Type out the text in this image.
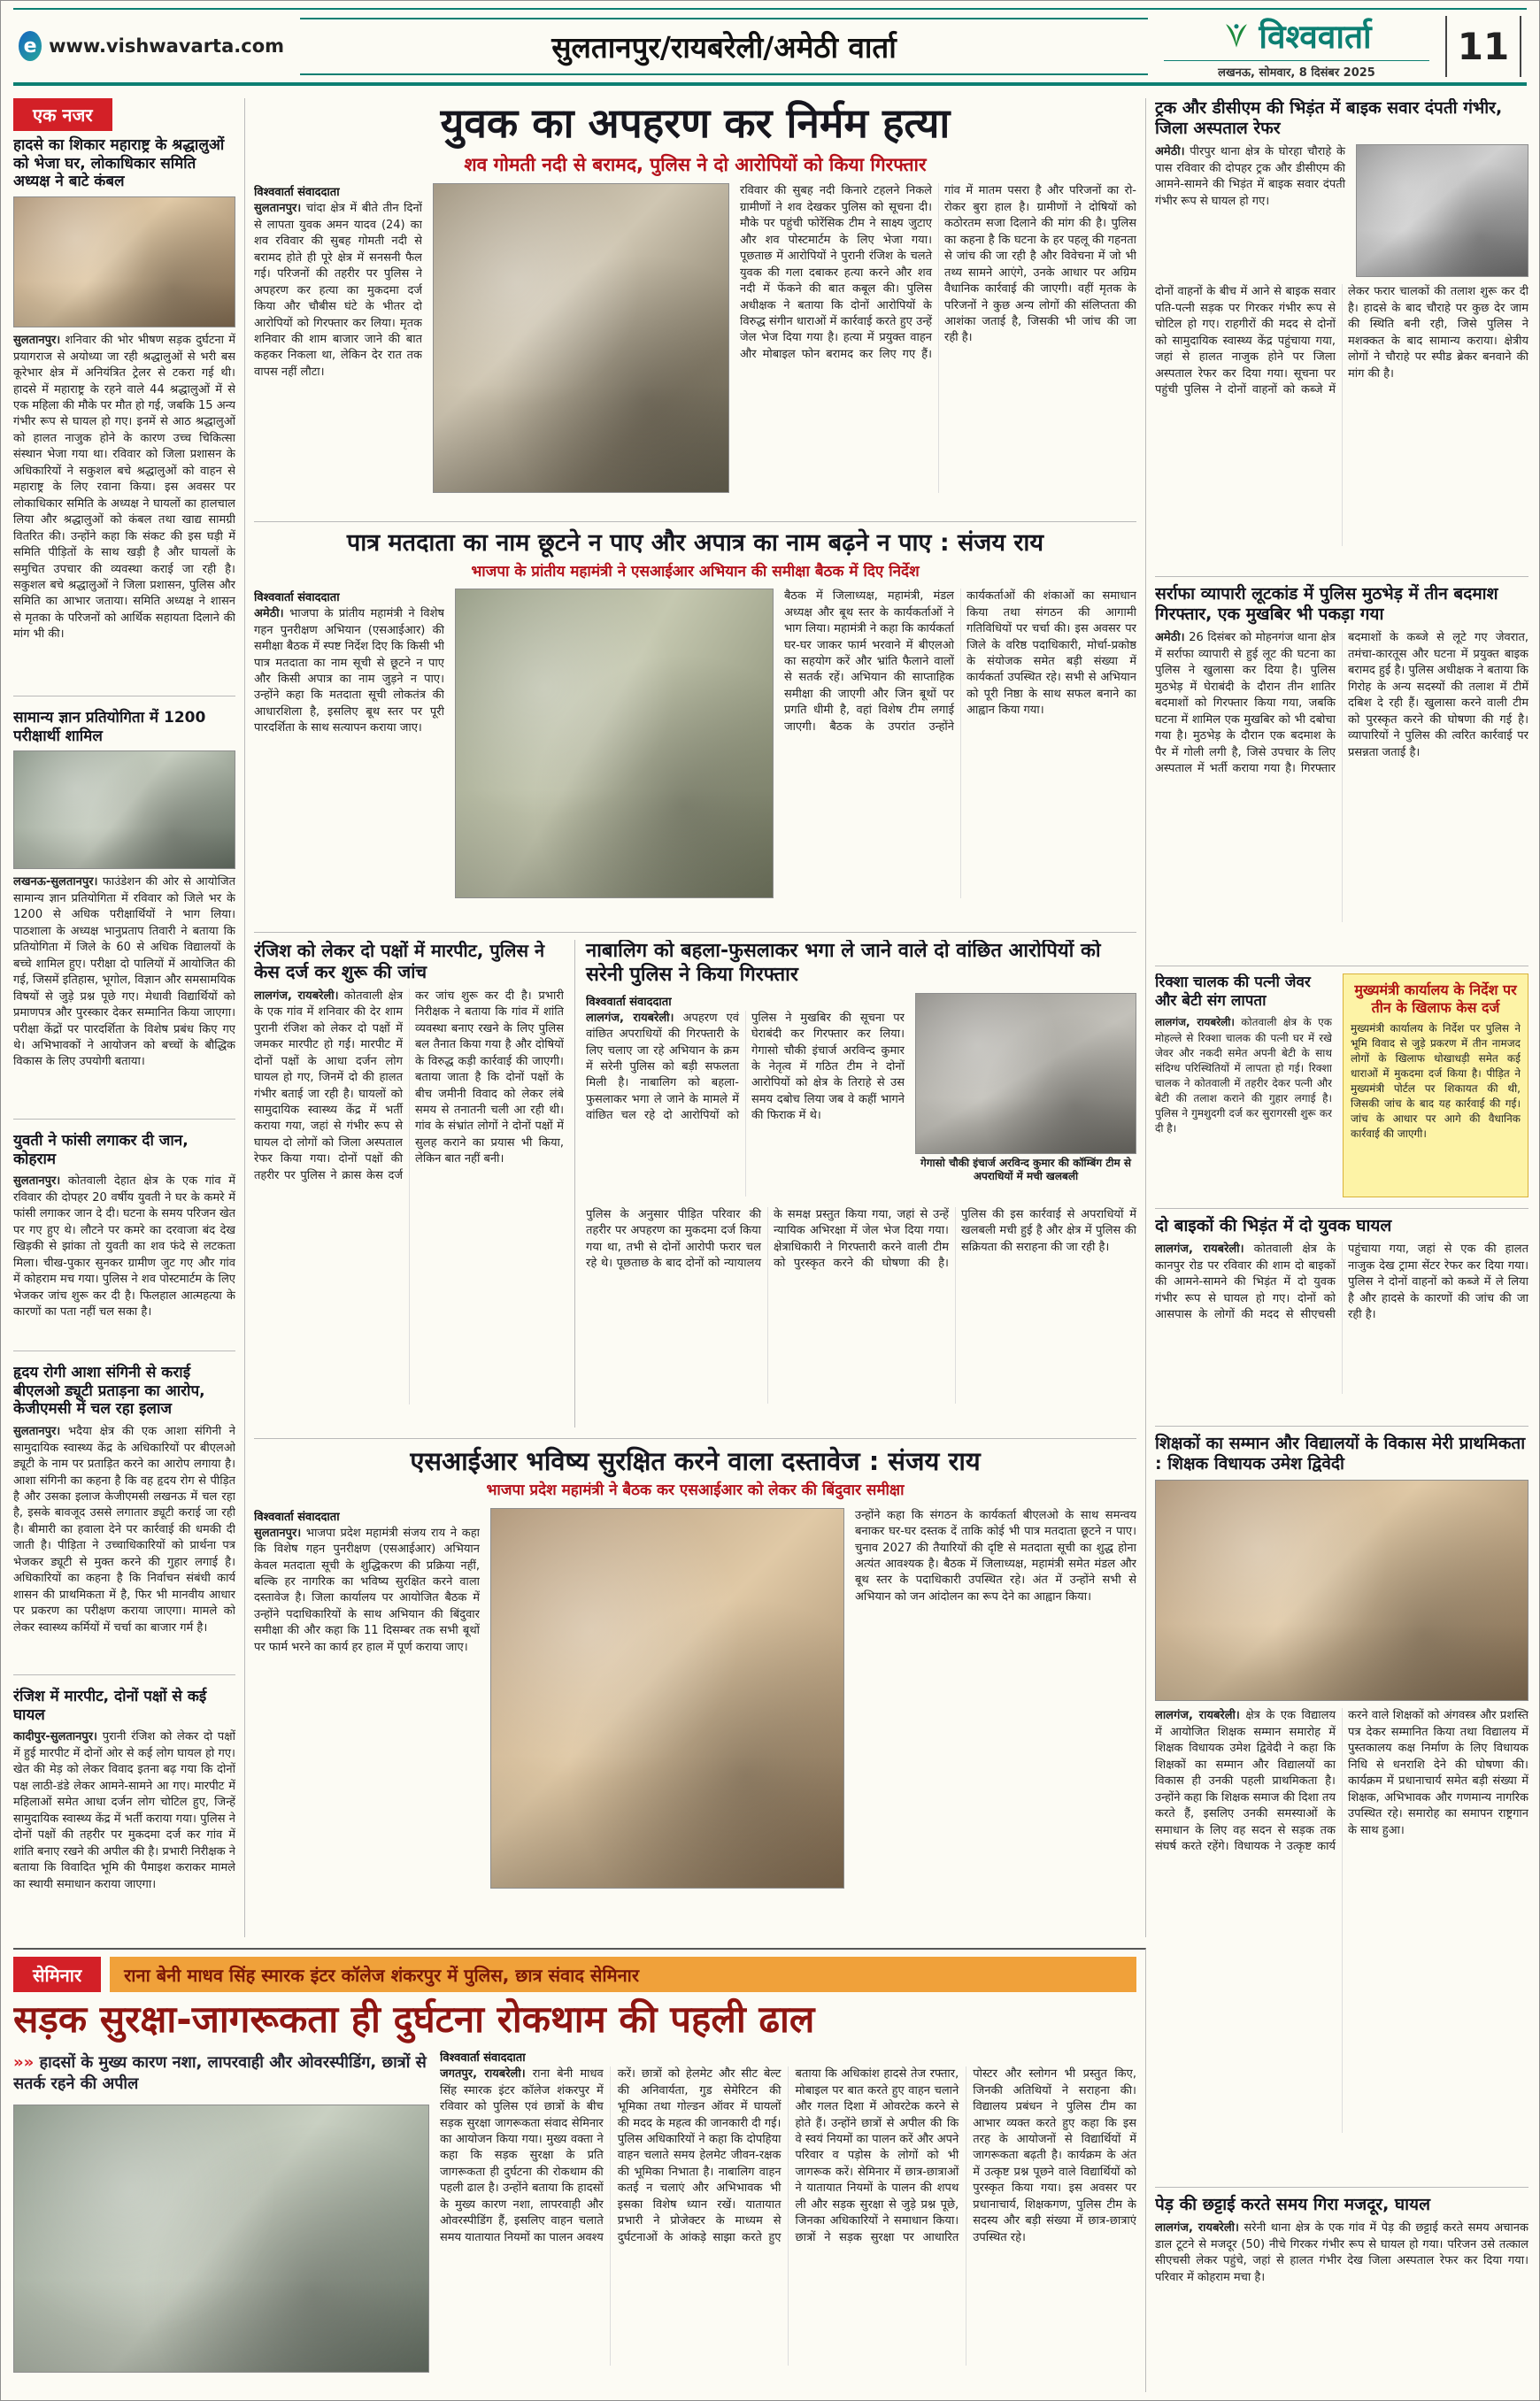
e www.vishwavarta.com	सुलतानपुर/रायबरेली/अमेठी वार्ता	विश्ववार्ता
लखनऊ, सोमवार, 8 दिसंबर 2025
11
एक नजर
हादसे का शिकार महाराष्ट्र के श्रद्धालुओं को भेजा घर, लोकाधिकार समिति अध्यक्ष ने बाटे कंबल

सुलतानपुर। शनिवार की भोर भीषण सड़क दुर्घटना में प्रयागराज से अयोध्या जा रही श्रद्धालुओं से भरी बस कूरेभार क्षेत्र में अनियंत्रित ट्रेलर से टकरा गई थी। हादसे में महाराष्ट्र के रहने वाले 44 श्रद्धालुओं में से एक महिला की मौके पर मौत हो गई, जबकि 15 अन्य गंभीर रूप से घायल हो गए। इनमें से आठ श्रद्धालुओं को हालत नाजुक होने के कारण उच्च चिकित्सा संस्थान भेजा गया था। रविवार को जिला प्रशासन के अधिकारियों ने सकुशल बचे श्रद्धालुओं को वाहन से महाराष्ट्र के लिए रवाना किया। इस अवसर पर लोकाधिकार समिति के अध्यक्ष ने घायलों का हालचाल लिया और श्रद्धालुओं को कंबल तथा खाद्य सामग्री वितरित की। उन्होंने कहा कि संकट की इस घड़ी में समिति पीड़ितों के साथ खड़ी है और घायलों के समुचित उपचार की व्यवस्था कराई जा रही है। सकुशल बचे श्रद्धालुओं ने जिला प्रशासन, पुलिस और समिति का आभार जताया। समिति अध्यक्ष ने शासन से मृतका के परिजनों को आर्थिक सहायता दिलाने की मांग भी की।

सामान्य ज्ञान प्रतियोगिता में 1200 परीक्षार्थी शामिल

लखनऊ-सुलतानपुर। फाउंडेशन की ओर से आयोजित सामान्य ज्ञान प्रतियोगिता में रविवार को जिले भर के 1200 से अधिक परीक्षार्थियों ने भाग लिया। पाठशाला के अध्यक्ष भानुप्रताप तिवारी ने बताया कि प्रतियोगिता में जिले के 60 से अधिक विद्यालयों के बच्चे शामिल हुए। परीक्षा दो पालियों में आयोजित की गई, जिसमें इतिहास, भूगोल, विज्ञान और समसामयिक विषयों से जुड़े प्रश्न पूछे गए। मेधावी विद्यार्थियों को प्रमाणपत्र और पुरस्कार देकर सम्मानित किया जाएगा। परीक्षा केंद्रों पर पारदर्शिता के विशेष प्रबंध किए गए थे। अभिभावकों ने आयोजन को बच्चों के बौद्धिक विकास के लिए उपयोगी बताया।

युवती ने फांसी लगाकर दी जान, कोहराम

सुलतानपुर। कोतवाली देहात क्षेत्र के एक गांव में रविवार की दोपहर 20 वर्षीय युवती ने घर के कमरे में फांसी लगाकर जान दे दी। घटना के समय परिजन खेत पर गए हुए थे। लौटने पर कमरे का दरवाजा बंद देख खिड़की से झांका तो युवती का शव फंदे से लटकता मिला। चीख-पुकार सुनकर ग्रामीण जुट गए और गांव में कोहराम मच गया। पुलिस ने शव पोस्टमार्टम के लिए भेजकर जांच शुरू कर दी है। फिलहाल आत्महत्या के कारणों का पता नहीं चल सका है।

हृदय रोगी आशा संगिनी से कराई बीएलओ ड्यूटी प्रताड़ना का आरोप, केजीएमसी में चल रहा इलाज

सुलतानपुर। भदैया क्षेत्र की एक आशा संगिनी ने सामुदायिक स्वास्थ्य केंद्र के अधिकारियों पर बीएलओ ड्यूटी के नाम पर प्रताड़ित करने का आरोप लगाया है। आशा संगिनी का कहना है कि वह हृदय रोग से पीड़ित है और उसका इलाज केजीएमसी लखनऊ में चल रहा है, इसके बावजूद उससे लगातार ड्यूटी कराई जा रही है। बीमारी का हवाला देने पर कार्रवाई की धमकी दी जाती है। पीड़िता ने उच्चाधिकारियों को प्रार्थना पत्र भेजकर ड्यूटी से मुक्त करने की गुहार लगाई है। अधिकारियों का कहना है कि निर्वाचन संबंधी कार्य शासन की प्राथमिकता में है, फिर भी मानवीय आधार पर प्रकरण का परीक्षण कराया जाएगा। मामले को लेकर स्वास्थ्य कर्मियों में चर्चा का बाजार गर्म है।

रंजिश में मारपीट, दोनों पक्षों से कई घायल

कादीपुर-सुलतानपुर। पुरानी रंजिश को लेकर दो पक्षों में हुई मारपीट में दोनों ओर से कई लोग घायल हो गए। खेत की मेड़ को लेकर विवाद इतना बढ़ गया कि दोनों पक्ष लाठी-डंडे लेकर आमने-सामने आ गए। मारपीट में महिलाओं समेत आधा दर्जन लोग चोटिल हुए, जिन्हें सामुदायिक स्वास्थ्य केंद्र में भर्ती कराया गया। पुलिस ने दोनों पक्षों की तहरीर पर मुकदमा दर्ज कर गांव में शांति बनाए रखने की अपील की है। प्रभारी निरीक्षक ने बताया कि विवादित भूमि की पैमाइश कराकर मामले का स्थायी समाधान कराया जाएगा।

युवक का अपहरण कर निर्मम हत्या
शव गोमती नदी से बरामद, पुलिस ने दो आरोपियों को किया गिरफ्तार
विश्ववार्ता संवाददाता

सुलतानपुर। चांदा क्षेत्र में बीते तीन दिनों से लापता युवक अमन यादव (24) का शव रविवार की सुबह गोमती नदी से बरामद होते ही पूरे क्षेत्र में सनसनी फैल गई। परिजनों की तहरीर पर पुलिस ने अपहरण कर हत्या का मुकदमा दर्ज किया और चौबीस घंटे के भीतर दो आरोपियों को गिरफ्तार कर लिया। मृतक शनिवार की शाम बाजार जाने की बात कहकर निकला था, लेकिन देर रात तक वापस नहीं लौटा।

रविवार की सुबह नदी किनारे टहलने निकले ग्रामीणों ने शव देखकर पुलिस को सूचना दी। मौके पर पहुंची फोरेंसिक टीम ने साक्ष्य जुटाए और शव पोस्टमार्टम के लिए भेजा गया। पूछताछ में आरोपियों ने पुरानी रंजिश के चलते युवक की गला दबाकर हत्या करने और शव नदी में फेंकने की बात कबूल की। पुलिस अधीक्षक ने बताया कि दोनों आरोपियों के विरुद्ध संगीन धाराओं में कार्रवाई करते हुए उन्हें जेल भेज दिया गया है। हत्या में प्रयुक्त वाहन और मोबाइल फोन बरामद कर लिए गए हैं। गांव में मातम पसरा है और परिजनों का रो-रोकर बुरा हाल है। ग्रामीणों ने दोषियों को कठोरतम सजा दिलाने की मांग की है। पुलिस का कहना है कि घटना के हर पहलू की गहनता से जांच की जा रही है और विवेचना में जो भी तथ्य सामने आएंगे, उनके आधार पर अग्रिम वैधानिक कार्रवाई की जाएगी। वहीं मृतक के परिजनों ने कुछ अन्य लोगों की संलिप्तता की आशंका जताई है, जिसकी भी जांच की जा रही है।

पात्र मतदाता का नाम छूटने न पाए और अपात्र का नाम बढ़ने न पाए : संजय राय
भाजपा के प्रांतीय महामंत्री ने एसआईआर अभियान की समीक्षा बैठक में दिए निर्देश
विश्ववार्ता संवाददाता

अमेठी। भाजपा के प्रांतीय महामंत्री ने विशेष गहन पुनरीक्षण अभियान (एसआईआर) की समीक्षा बैठक में स्पष्ट निर्देश दिए कि किसी भी पात्र मतदाता का नाम सूची से छूटने न पाए और किसी अपात्र का नाम जुड़ने न पाए। उन्होंने कहा कि मतदाता सूची लोकतंत्र की आधारशिला है, इसलिए बूथ स्तर पर पूरी पारदर्शिता के साथ सत्यापन कराया जाए।

बैठक में जिलाध्यक्ष, महामंत्री, मंडल अध्यक्ष और बूथ स्तर के कार्यकर्ताओं ने भाग लिया। महामंत्री ने कहा कि कार्यकर्ता घर-घर जाकर फार्म भरवाने में बीएलओ का सहयोग करें और भ्रांति फैलाने वालों से सतर्क रहें। अभियान की साप्ताहिक समीक्षा की जाएगी और जिन बूथों पर प्रगति धीमी है, वहां विशेष टीम लगाई जाएगी। बैठक के उपरांत उन्होंने कार्यकर्ताओं की शंकाओं का समाधान किया तथा संगठन की आगामी गतिविधियों पर चर्चा की। इस अवसर पर जिले के वरिष्ठ पदाधिकारी, मोर्चा-प्रकोष्ठ के संयोजक समेत बड़ी संख्या में कार्यकर्ता उपस्थित रहे। सभी से अभियान को पूरी निष्ठा के साथ सफल बनाने का आह्वान किया गया।

रंजिश को लेकर दो पक्षों में मारपीट, पुलिस ने केस दर्ज कर शुरू की जांच

लालगंज, रायबरेली। कोतवाली क्षेत्र के एक गांव में शनिवार की देर शाम पुरानी रंजिश को लेकर दो पक्षों में जमकर मारपीट हो गई। मारपीट में दोनों पक्षों के आधा दर्जन लोग घायल हो गए, जिनमें दो की हालत गंभीर बताई जा रही है। घायलों को सामुदायिक स्वास्थ्य केंद्र में भर्ती कराया गया, जहां से गंभीर रूप से घायल दो लोगों को जिला अस्पताल रेफर किया गया। दोनों पक्षों की तहरीर पर पुलिस ने क्रास केस दर्ज कर जांच शुरू कर दी है। प्रभारी निरीक्षक ने बताया कि गांव में शांति व्यवस्था बनाए रखने के लिए पुलिस बल तैनात किया गया है और दोषियों के विरुद्ध कड़ी कार्रवाई की जाएगी। बताया जाता है कि दोनों पक्षों के बीच जमीनी विवाद को लेकर लंबे समय से तनातनी चली आ रही थी। गांव के संभ्रांत लोगों ने दोनों पक्षों में सुलह कराने का प्रयास भी किया, लेकिन बात नहीं बनी।

नाबालिग को बहला-फुसलाकर भगा ले जाने वाले दो वांछित आरोपियों को सरेनी पुलिस ने किया गिरफ्तार
विश्ववार्ता संवाददाता

लालगंज, रायबरेली। अपहरण एवं वांछित अपराधियों की गिरफ्तारी के लिए चलाए जा रहे अभियान के क्रम में सरेनी पुलिस को बड़ी सफलता मिली है। नाबालिग को बहला-फुसलाकर भगा ले जाने के मामले में वांछित चल रहे दो आरोपियों को पुलिस ने मुखबिर की सूचना पर घेराबंदी कर गिरफ्तार कर लिया। गेगासो चौकी इंचार्ज अरविन्द कुमार के नेतृत्व में गठित टीम ने दोनों आरोपियों को क्षेत्र के तिराहे से उस समय दबोच लिया जब वे कहीं भागने की फिराक में थे।

गेगासो चौकी इंचार्ज अरविन्द कुमार की कॉम्बिंग टीम से अपराधियों में मची खलबली

पुलिस के अनुसार पीड़ित परिवार की तहरीर पर अपहरण का मुकदमा दर्ज किया गया था, तभी से दोनों आरोपी फरार चल रहे थे। पूछताछ के बाद दोनों को न्यायालय के समक्ष प्रस्तुत किया गया, जहां से उन्हें न्यायिक अभिरक्षा में जेल भेज दिया गया। क्षेत्राधिकारी ने गिरफ्तारी करने वाली टीम को पुरस्कृत करने की घोषणा की है। पुलिस की इस कार्रवाई से अपराधियों में खलबली मची हुई है और क्षेत्र में पुलिस की सक्रियता की सराहना की जा रही है।

एसआईआर भविष्य सुरक्षित करने वाला दस्तावेज : संजय राय
भाजपा प्रदेश महामंत्री ने बैठक कर एसआईआर को लेकर की बिंदुवार समीक्षा
विश्ववार्ता संवाददाता

सुलतानपुर। भाजपा प्रदेश महामंत्री संजय राय ने कहा कि विशेष गहन पुनरीक्षण (एसआईआर) अभियान केवल मतदाता सूची के शुद्धिकरण की प्रक्रिया नहीं, बल्कि हर नागरिक का भविष्य सुरक्षित करने वाला दस्तावेज है। जिला कार्यालय पर आयोजित बैठक में उन्होंने पदाधिकारियों के साथ अभियान की बिंदुवार समीक्षा की और कहा कि 11 दिसम्बर तक सभी बूथों पर फार्म भरने का कार्य हर हाल में पूर्ण कराया जाए।

उन्होंने कहा कि संगठन के कार्यकर्ता बीएलओ के साथ समन्वय बनाकर घर-घर दस्तक दें ताकि कोई भी पात्र मतदाता छूटने न पाए। चुनाव 2027 की तैयारियों की दृष्टि से मतदाता सूची का शुद्ध होना अत्यंत आवश्यक है। बैठक में जिलाध्यक्ष, महामंत्री समेत मंडल और बूथ स्तर के पदाधिकारी उपस्थित रहे। अंत में उन्होंने सभी से अभियान को जन आंदोलन का रूप देने का आह्वान किया।

ट्रक और डीसीएम की भिड़ंत में बाइक सवार दंपती गंभीर, जिला अस्पताल रेफर

अमेठी। पीरपुर थाना क्षेत्र के घोरहा चौराहे के पास रविवार की दोपहर ट्रक और डीसीएम की आमने-सामने की भिड़ंत में बाइक सवार दंपती गंभीर रूप से घायल हो गए।

दोनों वाहनों के बीच में आने से बाइक सवार पति-पत्नी सड़क पर गिरकर गंभीर रूप से चोटिल हो गए। राहगीरों की मदद से दोनों को सामुदायिक स्वास्थ्य केंद्र पहुंचाया गया, जहां से हालत नाजुक होने पर जिला अस्पताल रेफर कर दिया गया। सूचना पर पहुंची पुलिस ने दोनों वाहनों को कब्जे में लेकर फरार चालकों की तलाश शुरू कर दी है। हादसे के बाद चौराहे पर कुछ देर जाम की स्थिति बनी रही, जिसे पुलिस ने मशक्कत के बाद सामान्य कराया। क्षेत्रीय लोगों ने चौराहे पर स्पीड ब्रेकर बनवाने की मांग की है।

सर्राफा व्यापारी लूटकांड में पुलिस मुठभेड़ में तीन बदमाश गिरफ्तार, एक मुखबिर भी पकड़ा गया

अमेठी। 26 दिसंबर को मोहनगंज थाना क्षेत्र में सर्राफा व्यापारी से हुई लूट की घटना का पुलिस ने खुलासा कर दिया है। पुलिस मुठभेड़ में घेराबंदी के दौरान तीन शातिर बदमाशों को गिरफ्तार किया गया, जबकि घटना में शामिल एक मुखबिर को भी दबोचा गया है। मुठभेड़ के दौरान एक बदमाश के पैर में गोली लगी है, जिसे उपचार के लिए अस्पताल में भर्ती कराया गया है। गिरफ्तार बदमाशों के कब्जे से लूटे गए जेवरात, तमंचा-कारतूस और घटना में प्रयुक्त बाइक बरामद हुई है। पुलिस अधीक्षक ने बताया कि गिरोह के अन्य सदस्यों की तलाश में टीमें दबिश दे रही हैं। खुलासा करने वाली टीम को पुरस्कृत करने की घोषणा की गई है। व्यापारियों ने पुलिस की त्वरित कार्रवाई पर प्रसन्नता जताई है।

रिक्शा चालक की पत्नी जेवर और बेटी संग लापता

लालगंज, रायबरेली। कोतवाली क्षेत्र के एक मोहल्ले से रिक्शा चालक की पत्नी घर में रखे जेवर और नकदी समेत अपनी बेटी के साथ संदिग्ध परिस्थितियों में लापता हो गई। रिक्शा चालक ने कोतवाली में तहरीर देकर पत्नी और बेटी की तलाश कराने की गुहार लगाई है। पुलिस ने गुमशुदगी दर्ज कर सुरागरसी शुरू कर दी है।

मुख्यमंत्री कार्यालय के निर्देश पर तीन के खिलाफ केस दर्ज

मुख्यमंत्री कार्यालय के निर्देश पर पुलिस ने भूमि विवाद से जुड़े प्रकरण में तीन नामजद लोगों के खिलाफ धोखाधड़ी समेत कई धाराओं में मुकदमा दर्ज किया है। पीड़ित ने मुख्यमंत्री पोर्टल पर शिकायत की थी, जिसकी जांच के बाद यह कार्रवाई की गई। जांच के आधार पर आगे की वैधानिक कार्रवाई की जाएगी।

दो बाइकों की भिड़ंत में दो युवक घायल

लालगंज, रायबरेली। कोतवाली क्षेत्र के कानपुर रोड पर रविवार की शाम दो बाइकों की आमने-सामने की भिड़ंत में दो युवक गंभीर रूप से घायल हो गए। दोनों को आसपास के लोगों की मदद से सीएचसी पहुंचाया गया, जहां से एक की हालत नाजुक देख ट्रामा सेंटर रेफर कर दिया गया। पुलिस ने दोनों वाहनों को कब्जे में ले लिया है और हादसे के कारणों की जांच की जा रही है।

शिक्षकों का सम्मान और विद्यालयों के विकास मेरी प्राथमिकता : शिक्षक विधायक उमेश द्विवेदी

लालगंज, रायबरेली। क्षेत्र के एक विद्यालय में आयोजित शिक्षक सम्मान समारोह में शिक्षक विधायक उमेश द्विवेदी ने कहा कि शिक्षकों का सम्मान और विद्यालयों का विकास ही उनकी पहली प्राथमिकता है। उन्होंने कहा कि शिक्षक समाज की दिशा तय करते हैं, इसलिए उनकी समस्याओं के समाधान के लिए वह सदन से सड़क तक संघर्ष करते रहेंगे। विधायक ने उत्कृष्ट कार्य करने वाले शिक्षकों को अंगवस्त्र और प्रशस्ति पत्र देकर सम्मानित किया तथा विद्यालय में पुस्तकालय कक्ष निर्माण के लिए विधायक निधि से धनराशि देने की घोषणा की। कार्यक्रम में प्रधानाचार्य समेत बड़ी संख्या में शिक्षक, अभिभावक और गणमान्य नागरिक उपस्थित रहे। समारोह का समापन राष्ट्रगान के साथ हुआ।

पेड़ की छट्टाई करते समय गिरा मजदूर, घायल

लालगंज, रायबरेली। सरेनी थाना क्षेत्र के एक गांव में पेड़ की छट्टाई करते समय अचानक डाल टूटने से मजदूर (50) नीचे गिरकर गंभीर रूप से घायल हो गया। परिजन उसे तत्काल सीएचसी लेकर पहुंचे, जहां से हालत गंभीर देख जिला अस्पताल रेफर कर दिया गया। परिवार में कोहराम मचा है।

सेमिनार	राना बेनी माधव सिंह स्मारक इंटर कॉलेज शंकरपुर में पुलिस, छात्र संवाद सेमिनार
सड़क सुरक्षा-जागरूकता ही दुर्घटना रोकथाम की पहली ढाल

»» हादसों के मुख्य कारण नशा, लापरवाही और ओवरस्पीडिंग, छात्रों से सतर्क रहने की अपील

विश्ववार्ता संवाददाता

जगतपुर, रायबरेली। राना बेनी माधव सिंह स्मारक इंटर कॉलेज शंकरपुर में रविवार को पुलिस एवं छात्रों के बीच सड़क सुरक्षा जागरूकता संवाद सेमिनार का आयोजन किया गया। मुख्य वक्ता ने कहा कि सड़क सुरक्षा के प्रति जागरूकता ही दुर्घटना की रोकथाम की पहली ढाल है। उन्होंने बताया कि हादसों के मुख्य कारण नशा, लापरवाही और ओवरस्पीडिंग हैं, इसलिए वाहन चलाते समय यातायात नियमों का पालन अवश्य करें। छात्रों को हेलमेट और सीट बेल्ट की अनिवार्यता, गुड सेमेरिटन की भूमिका तथा गोल्डन ऑवर में घायलों की मदद के महत्व की जानकारी दी गई। पुलिस अधिकारियों ने कहा कि दोपहिया वाहन चलाते समय हेलमेट जीवन-रक्षक की भूमिका निभाता है। नाबालिग वाहन कतई न चलाएं और अभिभावक भी इसका विशेष ध्यान रखें। यातायात प्रभारी ने प्रोजेक्टर के माध्यम से दुर्घटनाओं के आंकड़े साझा करते हुए बताया कि अधिकांश हादसे तेज रफ्तार, मोबाइल पर बात करते हुए वाहन चलाने और गलत दिशा में ओवरटेक करने से होते हैं। उन्होंने छात्रों से अपील की कि वे स्वयं नियमों का पालन करें और अपने परिवार व पड़ोस के लोगों को भी जागरूक करें। सेमिनार में छात्र-छात्राओं ने यातायात नियमों के पालन की शपथ ली और सड़क सुरक्षा से जुड़े प्रश्न पूछे, जिनका अधिकारियों ने समाधान किया। छात्रों ने सड़क सुरक्षा पर आधारित पोस्टर और स्लोगन भी प्रस्तुत किए, जिनकी अतिथियों ने सराहना की। विद्यालय प्रबंधन ने पुलिस टीम का आभार व्यक्त करते हुए कहा कि इस तरह के आयोजनों से विद्यार्थियों में जागरूकता बढ़ती है। कार्यक्रम के अंत में उत्कृष्ट प्रश्न पूछने वाले विद्यार्थियों को पुरस्कृत किया गया। इस अवसर पर प्रधानाचार्य, शिक्षकगण, पुलिस टीम के सदस्य और बड़ी संख्या में छात्र-छात्राएं उपस्थित रहे।
